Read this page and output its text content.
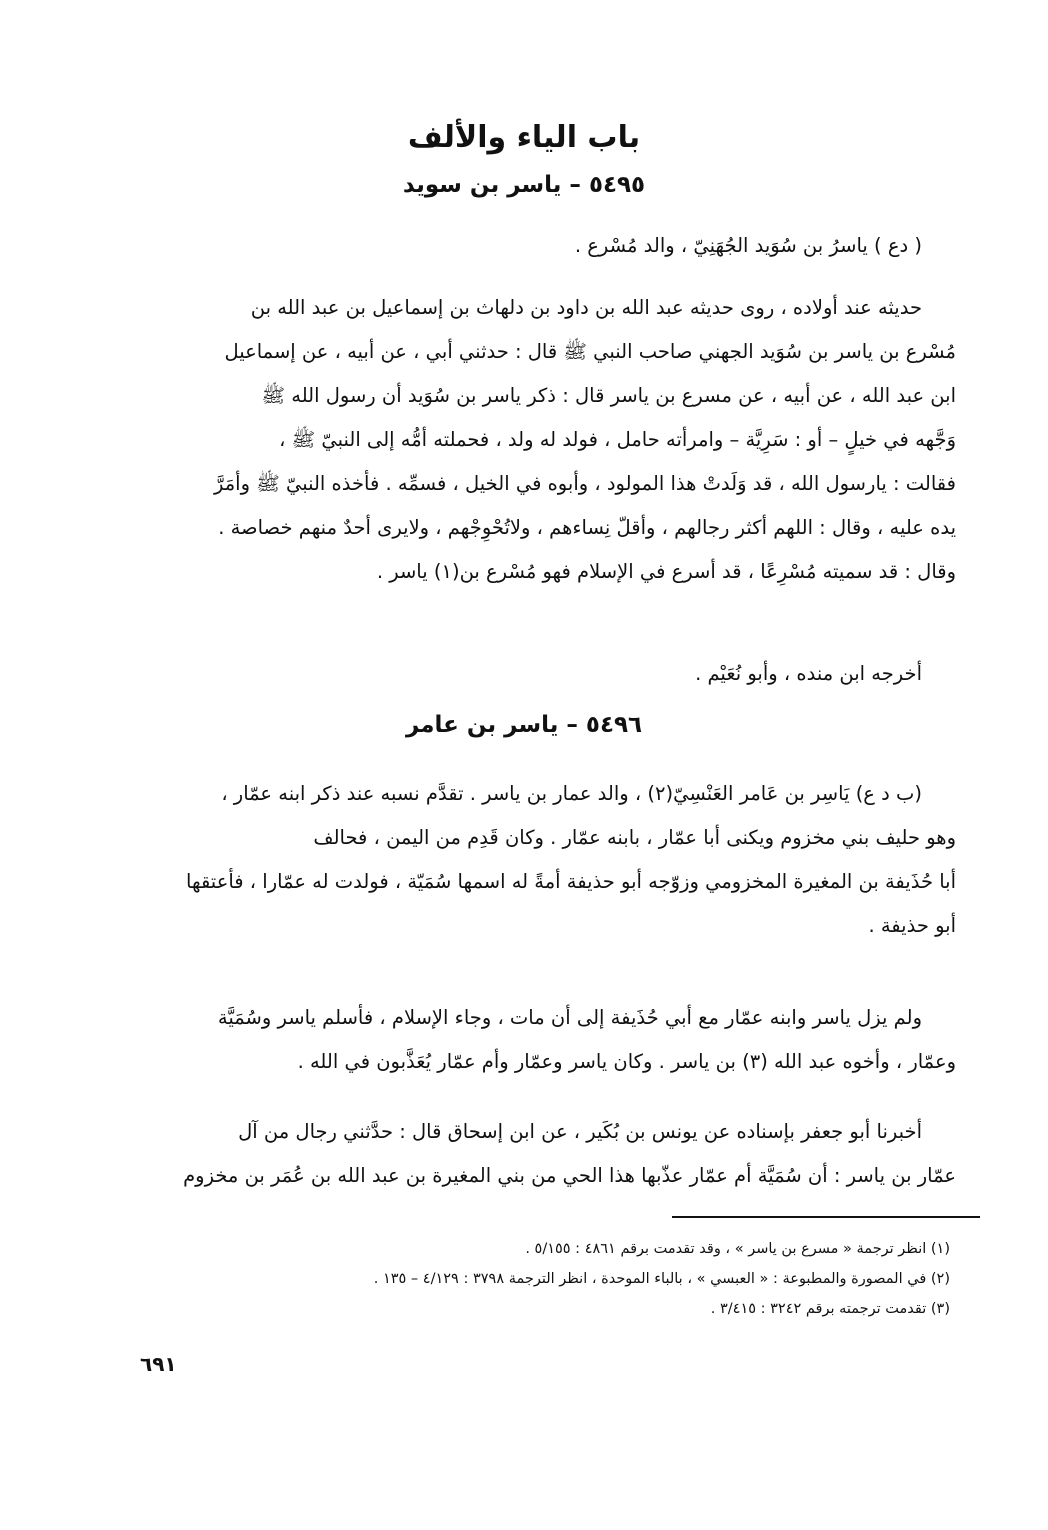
باب الياء والألف
٥٤٩٥ – ياسر بن سويد

( دع ) ياسرُ بن سُوَيد الجُهَنِيّ ، والد مُسْرع .

حديثه عند أولاده ، روى حديثه عبد الله بن داود بن دلهاث بن إسماعيل بن عبد الله بن
مُسْرع بن ياسر بن سُوَيد الجهني صاحب النبي ﷺ قال : حدثني أبي ، عن أبيه ، عن إسماعيل
ابن عبد الله ، عن أبيه ، عن مسرع بن ياسر قال : ذكر ياسر بن سُوَيد أن رسول الله ﷺ
وَجَّهه في خيلٍ – أو : سَرِيَّة – وامرأته حامل ، فولد له ولد ، فحملته أمُّه إلى النبيّ ﷺ ،
فقالت : يارسول الله ، قد وَلَدتْ هذا المولود ، وأبوه في الخيل ، فسمِّه . فأخذه النبيّ ﷺ وأمَرَّ
يده عليه ، وقال : اللهم أكثر رجالهم ، وأقلّ نِساءهم ، ولاتُحْوِجْهم ، ولايرى أحدٌ منهم خصاصة .
وقال : قد سميته مُسْرِعًا ، قد أسرع في الإسلام فهو مُسْرع بن(١) ياسر .

أخرجه ابن منده ، وأبو نُعَيْم .

٥٤٩٦ – ياسر بن عامر

(ب د ع) يَاسِر بن عَامر العَنْسِيّ(٢) ، والد عمار بن ياسر . تقدَّم نسبه عند ذكر ابنه عمّار ،
وهو حليف بني مخزوم ويكنى أبا عمّار ، بابنه عمّار . وكان قَدِم من اليمن ، فحالف
أبا حُذَيفة بن المغيرة المخزومي وزوّجه أبو حذيفة أمةً له اسمها سُمَيّة ، فولدت له عمّارا ، فأعتقها
أبو حذيفة .

ولم يزل ياسر وابنه عمّار مع أبي حُذَيفة إلى أن مات ، وجاء الإسلام ، فأسلم ياسر وسُمَيَّة
وعمّار ، وأخوه عبد الله (٣) بن ياسر . وكان ياسر وعمّار وأم عمّار يُعَذَّبون في الله .

أخبرنا أبو جعفر بإسناده عن يونس بن بُكَير ، عن ابن إسحاق قال : حدَّثني رجال من آل
عمّار بن ياسر : أن سُمَيَّة أم عمّار عذّبها هذا الحي من بني المغيرة بن عبد الله بن عُمَر بن مخزوم

(١) انظر ترجمة « مسرع بن ياسر » ، وقد تقدمت برقم ٤٨٦١ : ٥/١٥٥ .
(٢) في المصورة والمطبوعة : « العبسي » ، بالباء الموحدة ، انظر الترجمة ٣٧٩٨ : ٤/١٢٩ – ١٣٥ .
(٣) تقدمت ترجمته برقم ٣٢٤٢ : ٣/٤١٥ .

٦٩١
